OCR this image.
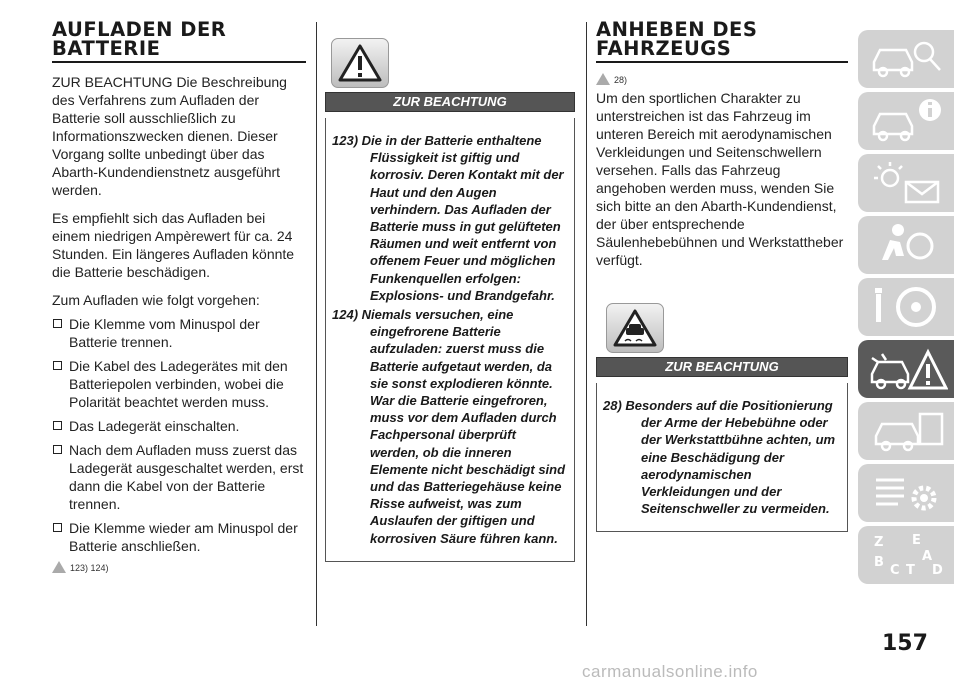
AUFLADEN DER BATTERIE

ZUR BEACHTUNG Die Beschreibung des Verfahrens zum Aufladen der Batterie soll ausschließlich zu Informationszwecken dienen. Dieser Vorgang sollte unbedingt über das Abarth-Kundendienstnetz ausgeführt werden.

Es empfiehlt sich das Aufladen bei einem niedrigen Ampèrewert für ca. 24 Stunden. Ein längeres Aufladen könnte die Batterie beschädigen.

Zum Aufladen wie folgt vorgehen:

Die Klemme vom Minuspol der Batterie trennen.
Die Kabel des Ladegerätes mit den Batteriepolen verbinden, wobei die Polarität beachtet werden muss.
Das Ladegerät einschalten.
Nach dem Aufladen muss zuerst das Ladegerät ausgeschaltet werden, erst dann die Kabel von der Batterie trennen.
Die Klemme wieder am Minuspol der Batterie anschließen.
123) 124)
ZUR BEACHTUNG

123) Die in der Batterie enthaltene Flüssigkeit ist giftig und korrosiv. Deren Kontakt mit der Haut und den Augen verhindern. Das Aufladen der Batterie muss in gut gelüfteten Räumen und weit entfernt von offenem Feuer und möglichen Funkenquellen erfolgen: Explosions- und Brandgefahr.

124) Niemals versuchen, eine eingefrorene Batterie aufzuladen: zuerst muss die Batterie aufgetaut werden, da sie sonst explodieren könnte. War die Batterie eingefroren, muss vor dem Aufladen durch Fachpersonal überprüft werden, ob die inneren Elemente nicht beschädigt sind und das Batteriegehäuse keine Risse aufweist, was zum Auslaufen der giftigen und korrosiven Säure führen kann.

ANHEBEN DES FAHRZEUGS
28)

Um den sportlichen Charakter zu unterstreichen ist das Fahrzeug im unteren Bereich mit aerodynamischen Verkleidungen und Seitenschwellern versehen. Falls das Fahrzeug angehoben werden muss, wenden Sie sich bitte an den Abarth-Kundendienst, der über entsprechende Säulenhebebühnen und Werkstattheber verfügt.

ZUR BEACHTUNG

28) Besonders auf die Positionierung der Arme der Hebebühne oder der Werkstattbühne achten, um eine Beschädigung der aerodynamischen Verkleidungen und der Seitenschweller zu vermeiden.

Z E
B	A
C T D
157
carmanualsonline.info
